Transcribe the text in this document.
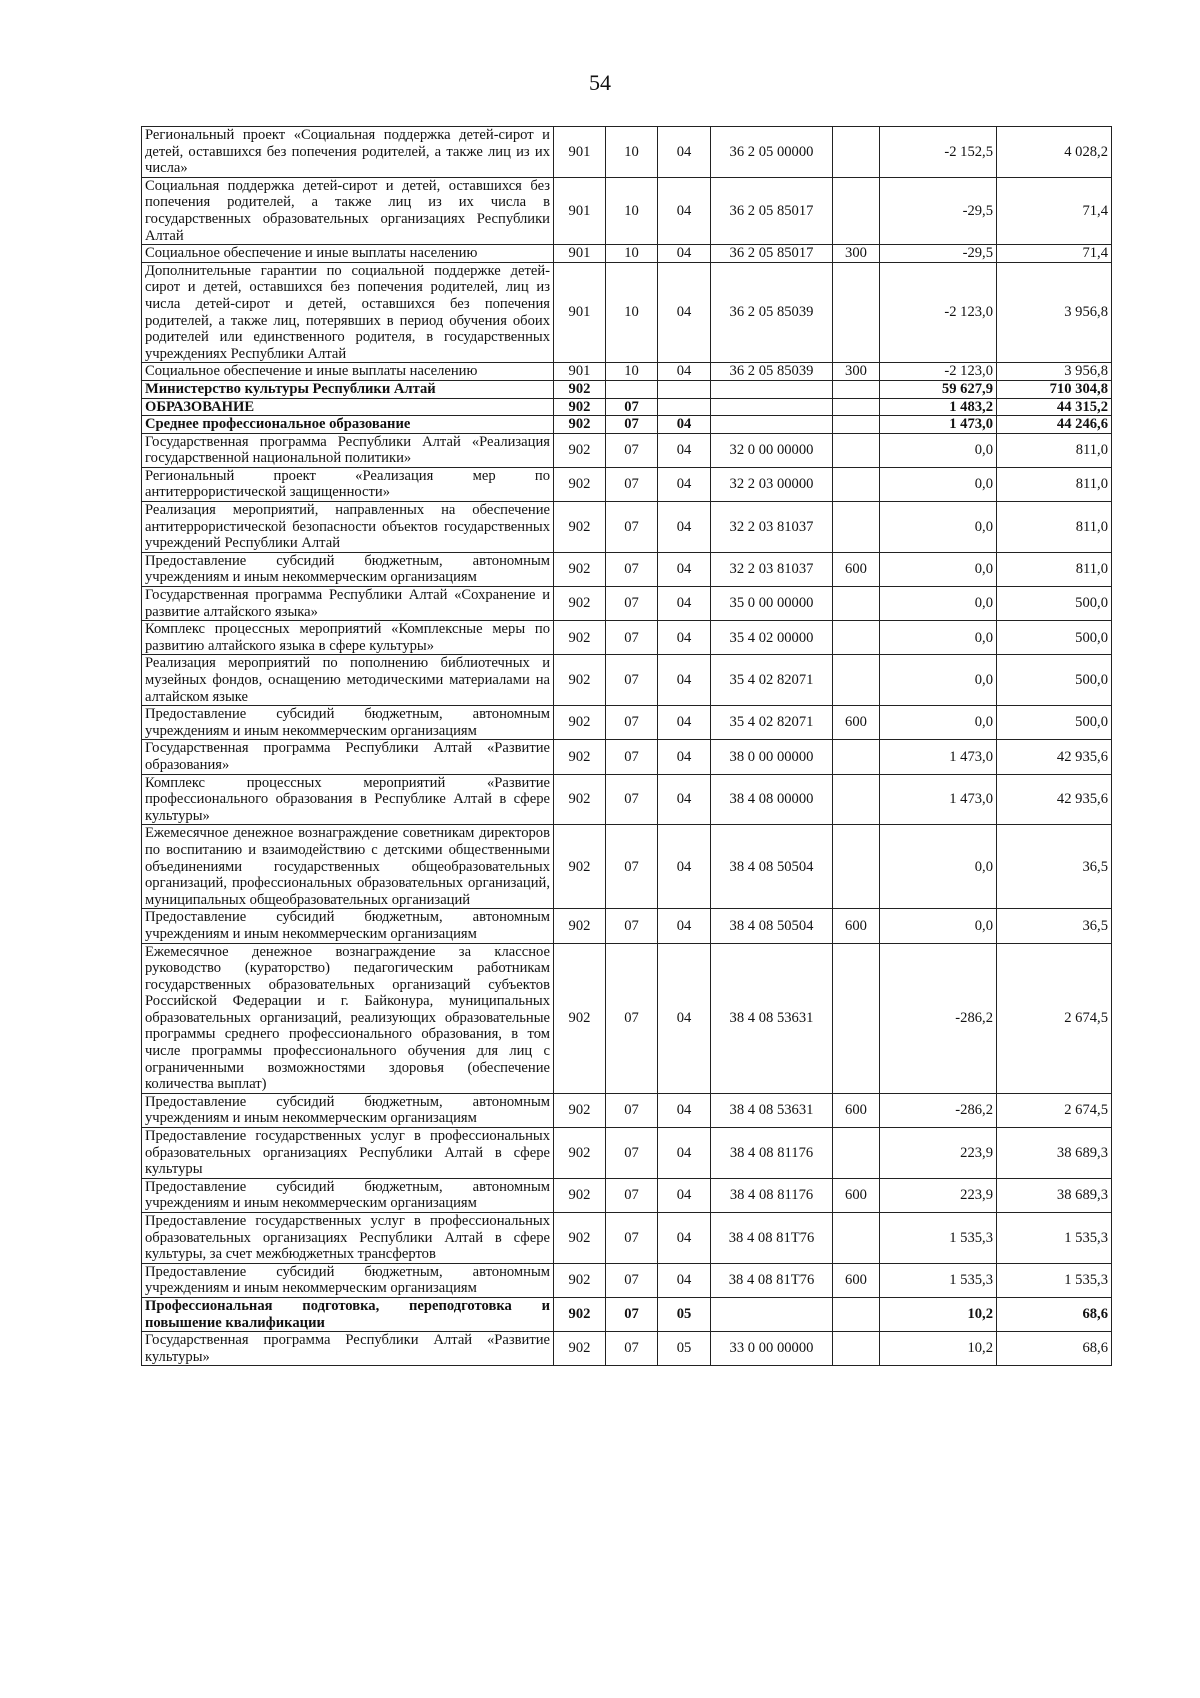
54
Региональный проект «Социальная поддержка детей-сирот и детей, оставшихся без попечения родителей, а также лиц из их числа»	901	10	04	36 2 05 00000		-2 152,5	4 028,2
Социальная поддержка детей-сирот и детей, оставшихся без попечения родителей, а также лиц из их числа в государственных образовательных организациях Республики Алтай	901	10	04	36 2 05 85017		-29,5	71,4
Социальное обеспечение и иные выплаты населению	901	10	04	36 2 05 85017	300	-29,5	71,4
Дополнительные гарантии по социальной поддержке детей-сирот и детей, оставшихся без попечения родителей, лиц из числа детей-сирот и детей, оставшихся без попечения родителей, а также лиц, потерявших в период обучения обоих родителей или единственного родителя, в государственных учреждениях Республики Алтай	901	10	04	36 2 05 85039		-2 123,0	3 956,8
Социальное обеспечение и иные выплаты населению	901	10	04	36 2 05 85039	300	-2 123,0	3 956,8
Министерство культуры Республики Алтай	902					59 627,9	710 304,8
ОБРАЗОВАНИЕ	902	07				1 483,2	44 315,2
Среднее профессиональное образование	902	07	04			1 473,0	44 246,6
Государственная программа Республики Алтай «Реализация государственной национальной политики»	902	07	04	32 0 00 00000		0,0	811,0
Региональный проект «Реализация мер по антитеррористической защищенности»	902	07	04	32 2 03 00000		0,0	811,0
Реализация мероприятий, направленных на обеспечение антитеррористической безопасности объектов государственных учреждений Республики Алтай	902	07	04	32 2 03 81037		0,0	811,0
Предоставление субсидий бюджетным, автономным учреждениям и иным некоммерческим организациям	902	07	04	32 2 03 81037	600	0,0	811,0
Государственная программа Республики Алтай «Сохранение и развитие алтайского языка»	902	07	04	35 0 00 00000		0,0	500,0
Комплекс процессных мероприятий «Комплексные меры по развитию алтайского языка в сфере культуры»	902	07	04	35 4 02 00000		0,0	500,0
Реализация мероприятий по пополнению библиотечных и музейных фондов, оснащению методическими материалами на алтайском языке	902	07	04	35 4 02 82071		0,0	500,0
Предоставление субсидий бюджетным, автономным учреждениям и иным некоммерческим организациям	902	07	04	35 4 02 82071	600	0,0	500,0
Государственная программа Республики Алтай «Развитие образования»	902	07	04	38 0 00 00000		1 473,0	42 935,6
Комплекс процессных мероприятий «Развитие профессионального образования в Республике Алтай в сфере культуры»	902	07	04	38 4 08 00000		1 473,0	42 935,6
Ежемесячное денежное вознаграждение советникам директоров по воспитанию и взаимодействию с детскими общественными объединениями государственных общеобразовательных организаций, профессиональных образовательных организаций, муниципальных общеобразовательных организаций	902	07	04	38 4 08 50504		0,0	36,5
Предоставление субсидий бюджетным, автономным учреждениям и иным некоммерческим организациям	902	07	04	38 4 08 50504	600	0,0	36,5
Ежемесячное денежное вознаграждение за классное руководство (кураторство) педагогическим работникам государственных образовательных организаций субъектов Российской Федерации и г. Байконура, муниципальных образовательных организаций, реализующих образовательные программы среднего профессионального образования, в том числе программы профессионального обучения для лиц с ограниченными возможностями здоровья (обеспечение количества выплат)	902	07	04	38 4 08 53631		-286,2	2 674,5
Предоставление субсидий бюджетным, автономным учреждениям и иным некоммерческим организациям	902	07	04	38 4 08 53631	600	-286,2	2 674,5
Предоставление государственных услуг в профессиональных образовательных организациях Республики Алтай в сфере культуры	902	07	04	38 4 08 81176		223,9	38 689,3
Предоставление субсидий бюджетным, автономным учреждениям и иным некоммерческим организациям	902	07	04	38 4 08 81176	600	223,9	38 689,3
Предоставление государственных услуг в профессиональных образовательных организациях Республики Алтай в сфере культуры, за счет межбюджетных трансфертов	902	07	04	38 4 08 81Т76		1 535,3	1 535,3
Предоставление субсидий бюджетным, автономным учреждениям и иным некоммерческим организациям	902	07	04	38 4 08 81Т76	600	1 535,3	1 535,3
Профессиональная подготовка, переподготовка и повышение квалификации	902	07	05			10,2	68,6
Государственная программа Республики Алтай «Развитие культуры»	902	07	05	33 0 00 00000		10,2	68,6
